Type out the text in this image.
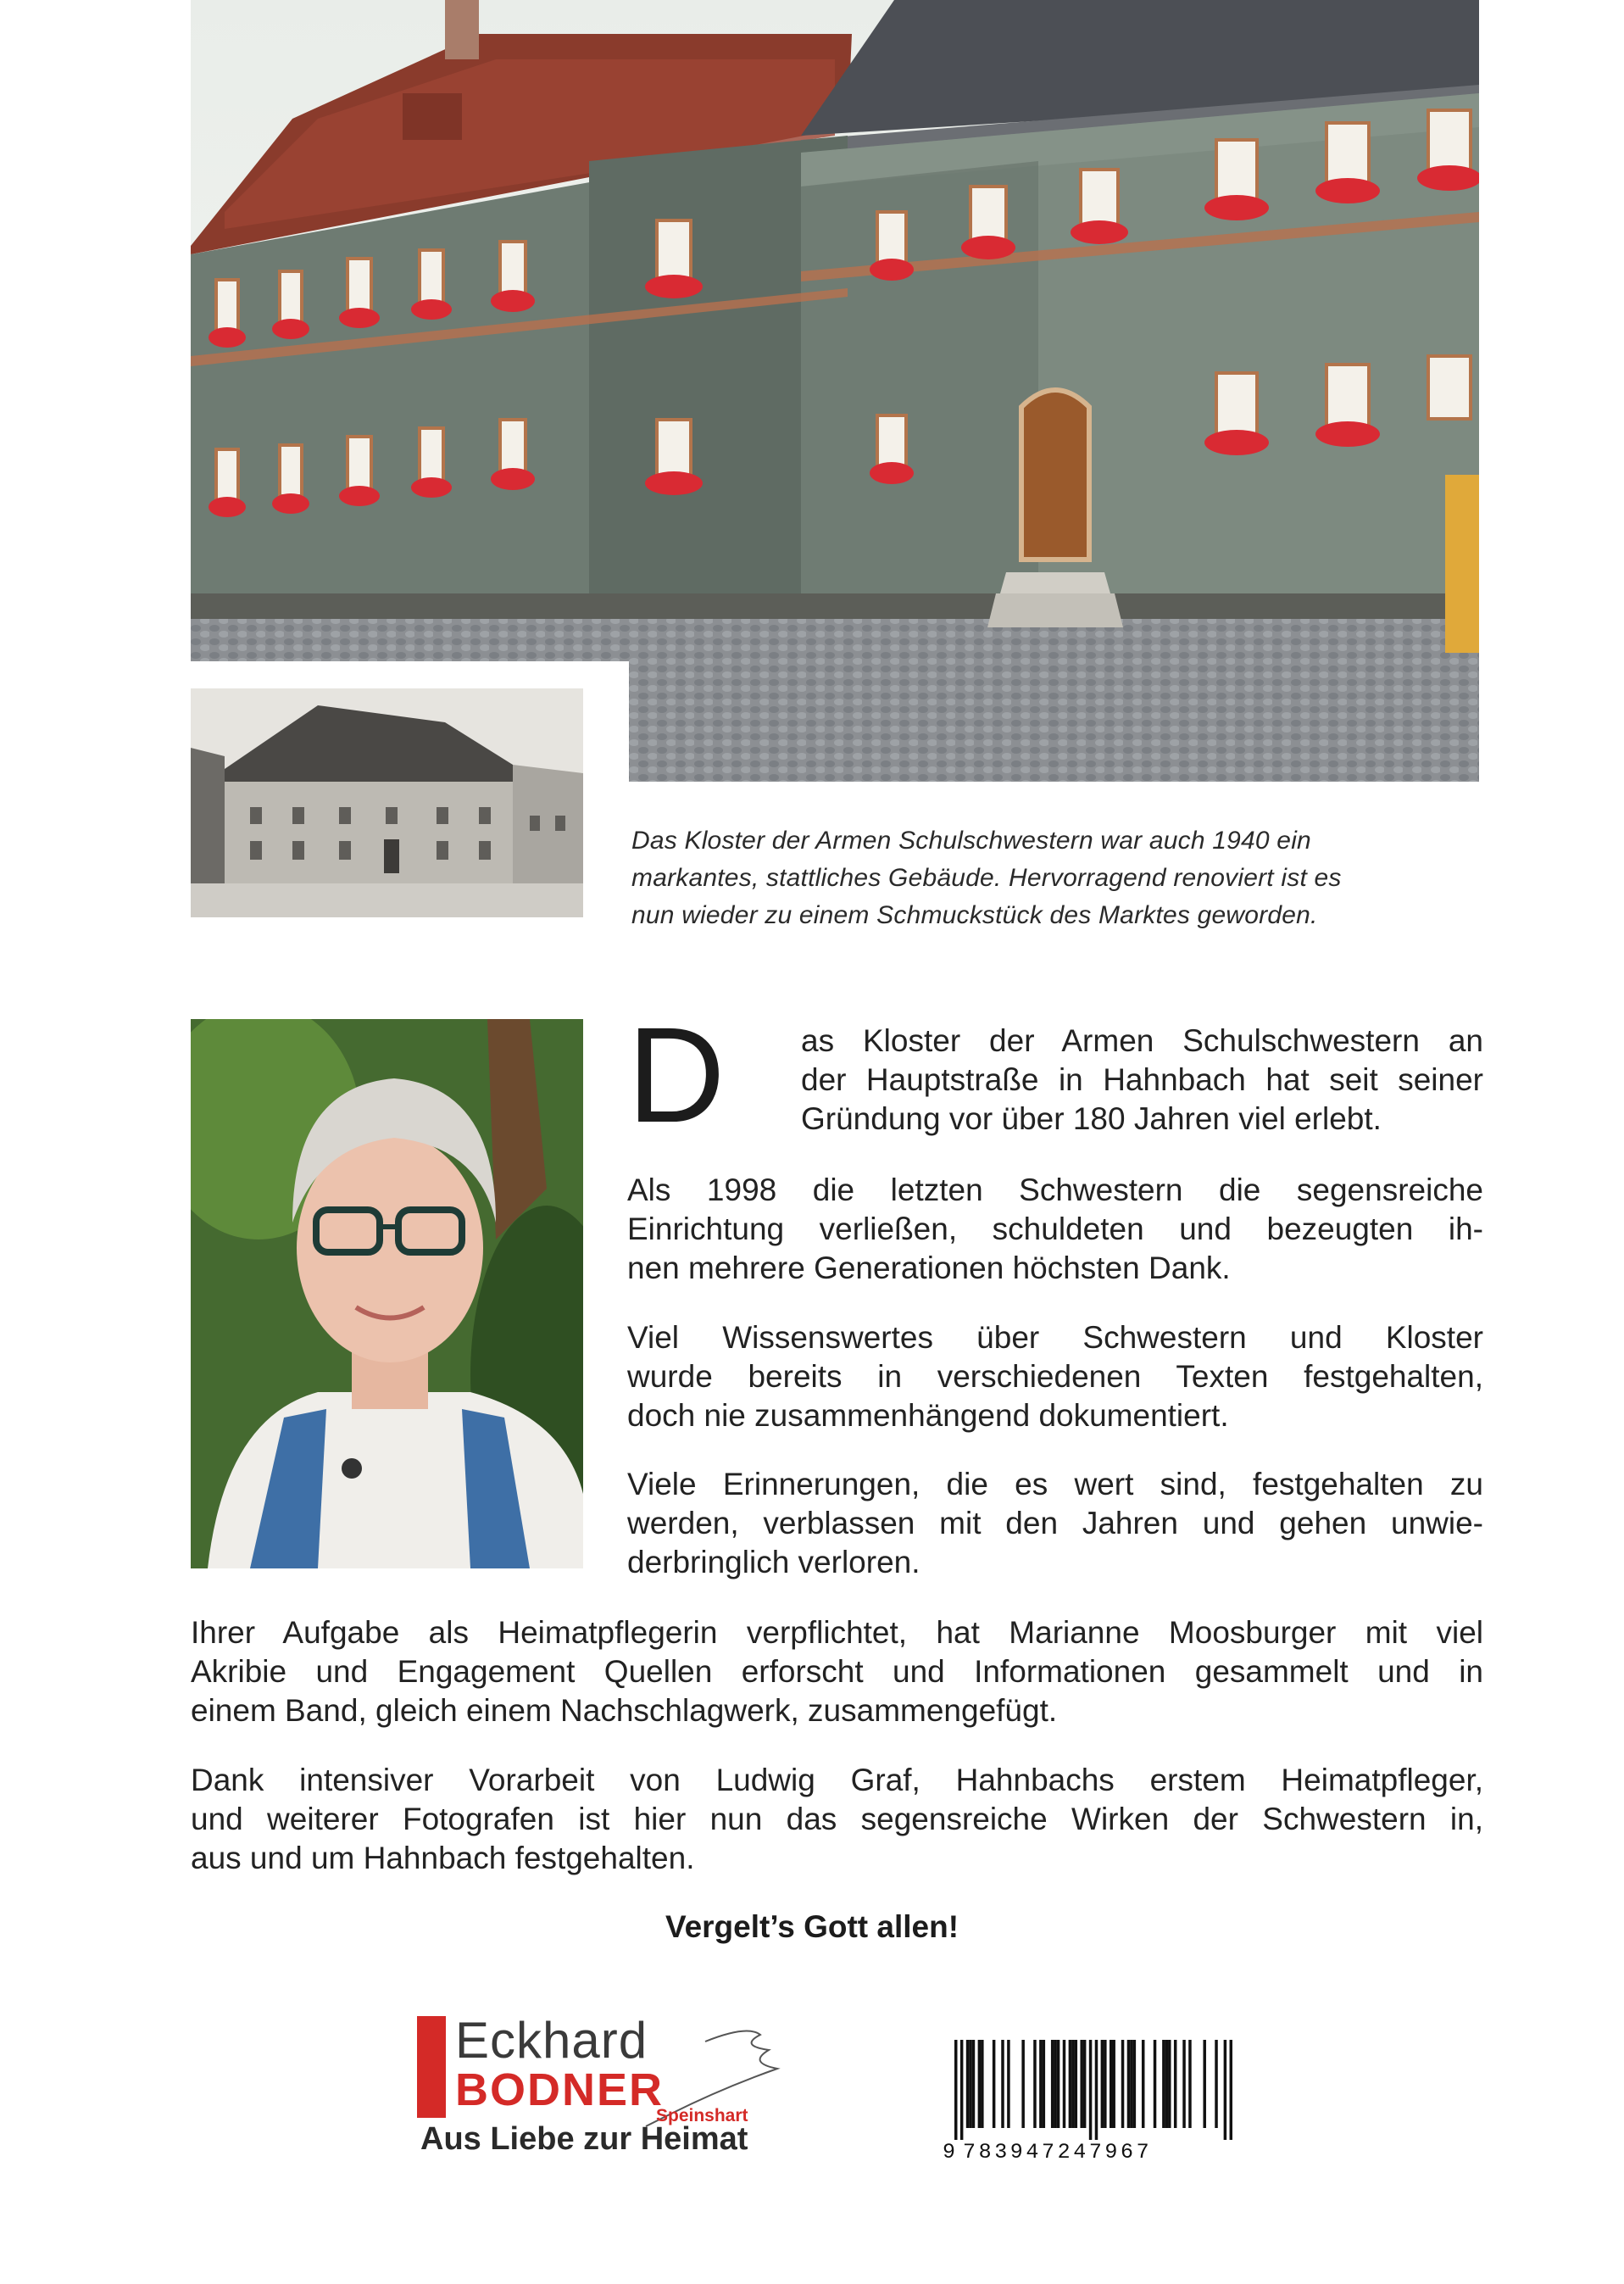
Das Kloster der Armen Schulschwestern war auch 1940 ein
markantes, stattliches Gebäude. Hervorragend renoviert ist es
nun wieder zu einem Schmuckstück des Marktes geworden.
D	as Kloster der Armen Schulschwestern an
der Hauptstraße in Hahnbach hat seit seiner
Gründung vor über 180 Jahren viel erlebt.
Als 1998 die letzten Schwestern die segensreiche
Einrichtung verließen, schuldeten und bezeugten ih-
nen mehrere Generationen höchsten Dank.
Viel Wissenswertes über Schwestern und Kloster
wurde bereits in verschiedenen Texten festgehalten,
doch nie zusammenhängend dokumentiert.
Viele Erinnerungen, die es wert sind, festgehalten zu
werden, verblassen mit den Jahren und gehen unwie-
derbringlich verloren.
Ihrer Aufgabe als Heimatpflegerin verpflichtet, hat Marianne Moosburger mit viel
Akribie und Engagement Quellen erforscht und Informationen gesammelt und in
einem Band, gleich einem Nachschlagwerk, zusammengefügt.
Dank intensiver Vorarbeit von Ludwig Graf, Hahnbachs erstem Heimatpfleger,
und weiterer Fotografen ist hier nun das segensreiche Wirken der Schwestern in,
aus und um Hahnbach festgehalten.
Vergelt’s Gott allen!
VERLAG Eckhard
BODNER
Speinshart
Aus Liebe zur Heimat	9 783947247967
